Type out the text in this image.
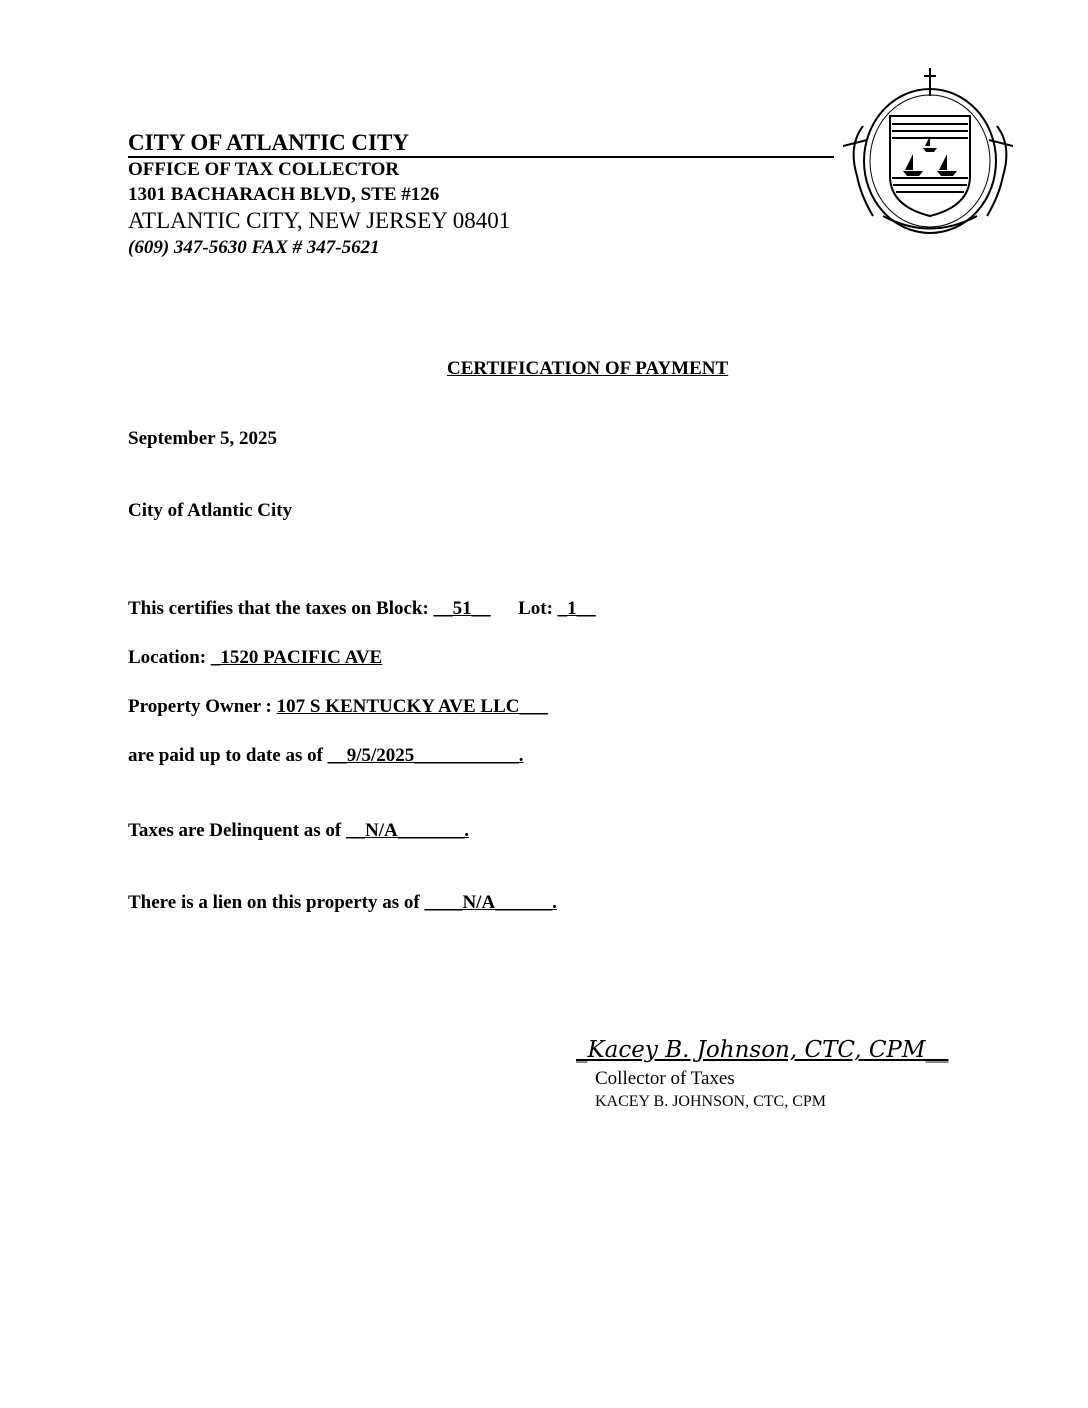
CITY OF ATLANTIC CITY
OFFICE OF TAX COLLECTOR
1301 BACHARACH BLVD, STE #126
ATLANTIC CITY, NEW JERSEY 08401
(609) 347-5630 FAX # 347-5621
CERTIFICATION OF PAYMENT
September 5, 2025
City of Atlantic City
This certifies that the taxes on Block: __51__ Lot: _1__
Location: _1520 PACIFIC AVE
Property Owner : 107 S KENTUCKY AVE LLC___
are paid up to date as of __9/5/2025___________.
Taxes are Delinquent as of __N/A_______.
There is a lien on this property as of ____N/A______.
_Kacey B. Johnson, CTC, CPM__
Collector of Taxes
KACEY B. JOHNSON, CTC, CPM
